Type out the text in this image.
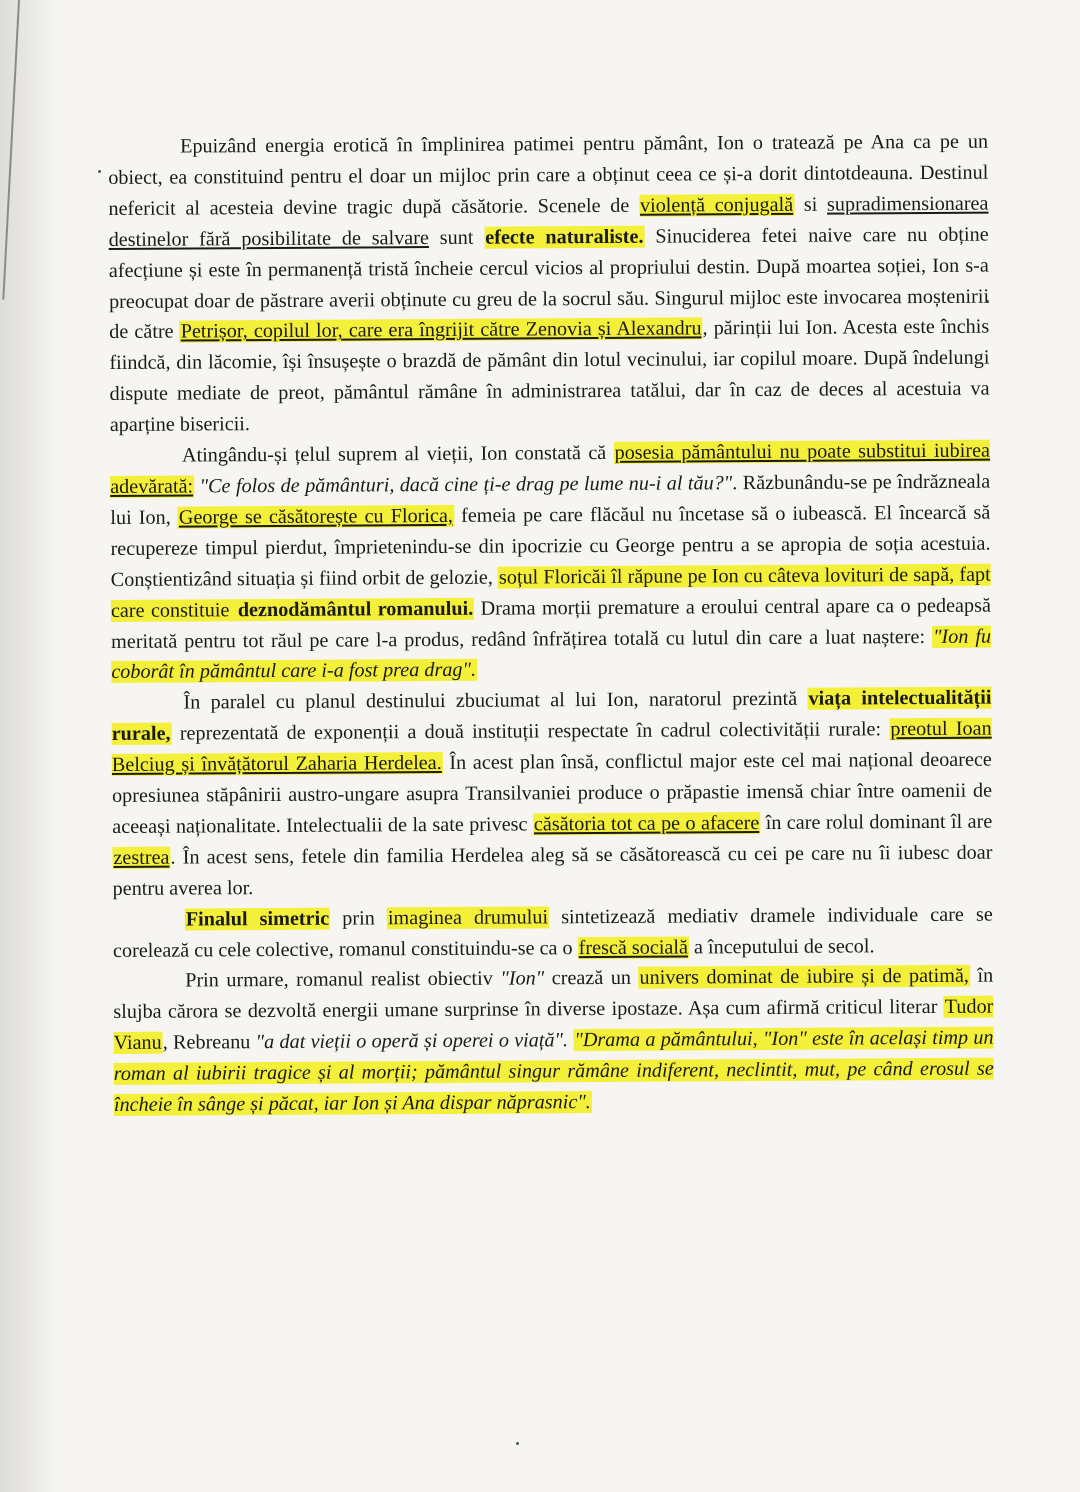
Epuizând energia erotică în împlinirea patimei pentru pământ, Ion o tratează pe Ana ca pe un obiect, ea constituind pentru el doar un mijloc prin care a obținut ceea ce și-a dorit dintotdeauna. Destinul nefericit al acesteia devine tragic după căsătorie. Scenele de violență conjugală si supradimensionarea destinelor fără posibilitate de salvare sunt efecte naturaliste. Sinuciderea fetei naive care nu obține afecțiune și este în permanență tristă încheie cercul vicios al propriului destin. După moartea soției, Ion s-a preocupat doar de păstrare averii obținute cu greu de la socrul său. Singurul mijloc este invocarea moștenirii de către Petrișor, copilul lor, care era îngrijit către Zenovia și Alexandru, părinții lui Ion. Acesta este închis fiindcă, din lăcomie, își însușește o brazdă de pământ din lotul vecinului, iar copilul moare. După îndelungi dispute mediate de preot, pământul rămâne în administrarea tatălui, dar în caz de deces al acestuia va aparține bisericii.

Atingându-și țelul suprem al vieții, Ion constată că posesia pământului nu poate substitui iubirea adevărată: "Ce folos de pământuri, dacă cine ți-e drag pe lume nu-i al tău?". Răzbunându-se pe îndrăzneala lui Ion, George se căsătorește cu Florica, femeia pe care flăcăul nu încetase să o iubească. El încearcă să recupereze timpul pierdut, împrietenindu-se din ipocrizie cu George pentru a se apropia de soția acestuia. Conștientizând situația și fiind orbit de gelozie, soțul Floricăi îl răpune pe Ion cu câteva lovituri de sapă, fapt care constituie deznodământul romanului. Drama morții premature a eroului central apare ca o pedeapsă meritată pentru tot răul pe care l-a produs, redând înfrățirea totală cu lutul din care a luat naștere: "Ion fu coborât în pământul care i-a fost prea drag".

În paralel cu planul destinului zbuciumat al lui Ion, naratorul prezintă viața intelectualității rurale, reprezentată de exponenții a două instituții respectate în cadrul colectivității rurale: preotul Ioan Belciug și învățătorul Zaharia Herdelea. În acest plan însă, conflictul major este cel mai național deoarece opresiunea stăpânirii austro-ungare asupra Transilvaniei produce o prăpastie imensă chiar între oamenii de aceeași naționalitate. Intelectualii de la sate privesc căsătoria tot ca pe o afacere în care rolul dominant îl are zestrea. În acest sens, fetele din familia Herdelea aleg să se căsătorească cu cei pe care nu îi iubesc doar pentru averea lor.

Finalul simetric prin imaginea drumului sintetizează mediativ dramele individuale care se corelează cu cele colective, romanul constituindu-se ca o frescă socială a începutului de secol.

Prin urmare, romanul realist obiectiv "Ion" crează un univers dominat de iubire și de patimă, în slujba cărora se dezvoltă energii umane surprinse în diverse ipostaze. Așa cum afirmă criticul literar Tudor Vianu, Rebreanu "a dat vieții o operă și operei o viață". "Drama a pământului, "Ion" este în același timp un roman al iubirii tragice și al morții; pământul singur rămâne indiferent, neclintit, mut, pe când erosul se încheie în sânge și păcat, iar Ion și Ana dispar năprasnic".
